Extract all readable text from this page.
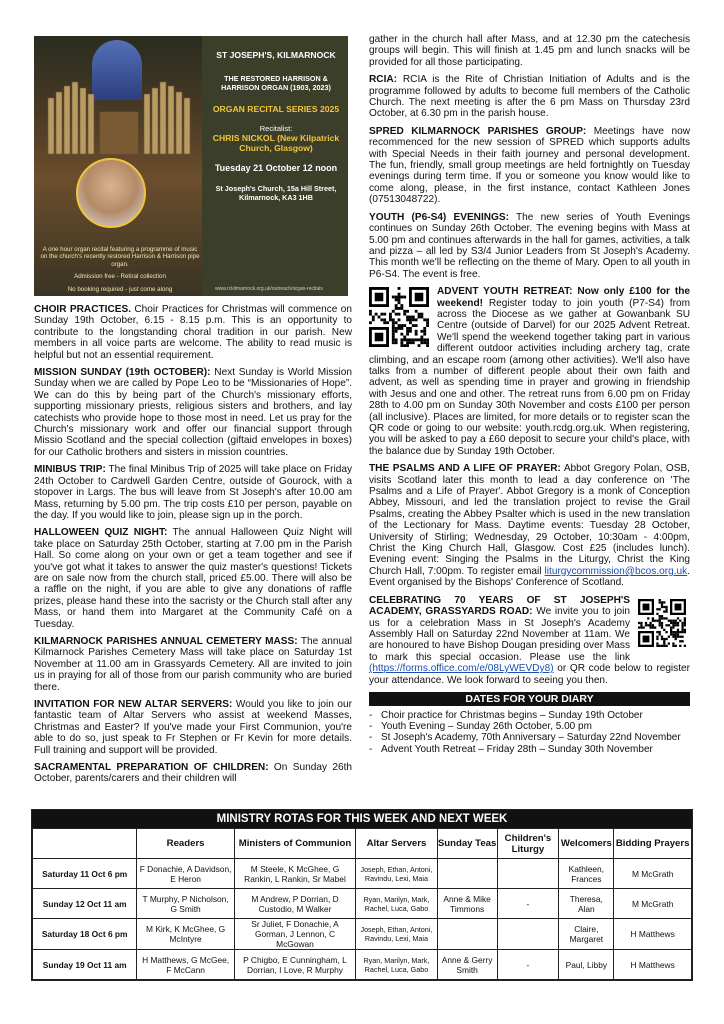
A one hour organ recital featuring a programme of music on the church's recently restored Harrison & Harrison pipe organ.
Admission free - Retiral collection
No booking required - just come along
ST JOSEPH'S, KILMARNOCK
THE RESTORED HARRISON & HARRISON ORGAN (1903, 2023)
ORGAN RECITAL SERIES 2025
Recitalist:
CHRIS NICKOL (New Kilpatrick Church, Glasgow)
Tuesday 21 October 12 noon
St Joseph's Church, 15a Hill Street, Kilmarnock, KA3 1HB
www.rckilmarnock.org.uk/outreach/organ-recitals
CHOIR PRACTICES. Choir Practices for Christmas will commence on Sunday 19th October, 6.15 - 8.15 p.m. This is an opportunity to contribute to the longstanding choral tradition in our parish. New members in all voice parts are welcome. The ability to read music is helpful but not an essential requirement.
MISSION SUNDAY (19th OCTOBER): Next Sunday is World Mission Sunday when we are called by Pope Leo to be “Missionaries of Hope”. We can do this by being part of the Church's missionary efforts, supporting missionary priests, religious sisters and brothers, and lay catechists who provide hope to those most in need. Let us pray for the Church's missionary work and offer our financial support through Missio Scotland and the special collection (giftaid envelopes in boxes) for our Catholic brothers and sisters in mission countries.
MINIBUS TRIP: The final Minibus Trip of 2025 will take place on Friday 24th October to Cardwell Garden Centre, outside of Gourock, with a stopover in Largs. The bus will leave from St Joseph's after 10.00 am Mass, returning by 5.00 pm. The trip costs £10 per person, payable on the day. If you would like to join, please sign up in the porch.
HALLOWEEN QUIZ NIGHT: The annual Halloween Quiz Night will take place on Saturday 25th October, starting at 7.00 pm in the Parish Hall. So come along on your own or get a team together and see if you've got what it takes to answer the quiz master's questions! Tickets are on sale now from the church stall, priced £5.00. There will also be a raffle on the night, if you are able to give any donations of raffle prizes, please hand these into the sacristy or the Church stall after any Mass, or hand them into Margaret at the Community Café on a Tuesday.
KILMARNOCK PARISHES ANNUAL CEMETERY MASS: The annual Kilmarnock Parishes Cemetery Mass will take place on Saturday 1st November at 11.00 am in Grassyards Cemetery. All are invited to join us in praying for all of those from our parish community who are buried there.
INVITATION FOR NEW ALTAR SERVERS: Would you like to join our fantastic team of Altar Servers who assist at weekend Masses, Christmas and Easter? If you've made your First Communion, you're able to do so, just speak to Fr Stephen or Fr Kevin for more details. Full training and support will be provided.
SACRAMENTAL PREPARATION OF CHILDREN: On Sunday 26th October, parents/carers and their children will
gather in the church hall after Mass, and at 12.30 pm the catechesis groups will begin. This will finish at 1.45 pm and lunch snacks will be provided for all those participating.
RCIA: RCIA is the Rite of Christian Initiation of Adults and is the programme followed by adults to become full members of the Catholic Church. The next meeting is after the 6 pm Mass on Thursday 23rd October, at 6.30 pm in the parish house.
SPRED KILMARNOCK PARISHES GROUP: Meetings have now recommenced for the new session of SPRED which supports adults with Special Needs in their faith journey and personal development. The fun, friendly, small group meetings are held fortnightly on Tuesday evenings during term time. If you or someone you know would like to come along, please, in the first instance, contact Kathleen Jones (07513048722).
YOUTH (P6-S4) EVENINGS: The new series of Youth Evenings continues on Sunday 26th October. The evening begins with Mass at 5.00 pm and continues afterwards in the hall for games, activities, a talk and pizza – all led by S3/4 Junior Leaders from St Joseph's Academy. This month we'll be reflecting on the theme of Mary. Open to all youth in P6-S4. The event is free.
ADVENT YOUTH RETREAT: Now only £100 for the weekend! Register today to join youth (P7-S4) from across the Diocese as we gather at Gowanbank SU Centre (outside of Darvel) for our 2025 Advent Retreat. We'll spend the weekend together taking part in various different outdoor activities including archery tag, crate climbing, and an escape room (among other activities). We'll also have talks from a number of different people about their own faith and advent, as well as spending time in prayer and growing in friendship with Jesus and one and other. The retreat runs from 6.00 pm on Friday 28th to 4.00 pm on Sunday 30th November and costs £100 per person (all inclusive). Places are limited, for more details or to register scan the QR code or going to our website: youth.rcdg.org.uk. When registering, you will be asked to pay a £60 deposit to secure your child's place, with the balance due by Sunday 19th October.
THE PSALMS AND A LIFE OF PRAYER: Abbot Gregory Polan, OSB, visits Scotland later this month to lead a day conference on 'The Psalms and a Life of Prayer'. Abbot Gregory is a monk of Conception Abbey, Missouri, and led the translation project to revise the Grail Psalms, creating the Abbey Psalter which is used in the new translation of the Lectionary for Mass. Daytime events: Tuesday 28 October, University of Stirling; Wednesday, 29 October, 10:30am - 4:00pm, Christ the King Church Hall, Glasgow. Cost £25 (includes lunch). Evening event: Singing the Psalms in the Liturgy, Christ the King Church Hall, 7:00pm. To register email liturgycommission@bcos.org.uk. Event organised by the Bishops' Conference of Scotland.
CELEBRATING 70 YEARS OF ST JOSEPH'S ACADEMY, GRASSYARDS ROAD: We invite you to join us for a celebration Mass in St Joseph's Academy Assembly Hall on Saturday 22nd November at 11am. We are honoured to have Bishop Dougan presiding over Mass to mark this special occasion. Please use the link (https://forms.office.com/e/08LyWEVDy8) or QR code below to register your attendance. We look forward to seeing you then.
DATES FOR YOUR DIARY
- Choir practice for Christmas begins – Sunday 19th October
- Youth Evening – Sunday 26th October, 5.00 pm
- St Joseph's Academy, 70th Anniversary – Saturday 22nd November
- Advent Youth Retreat – Friday 28th – Sunday 30th November
MINISTRY ROTAS FOR THIS WEEK AND NEXT WEEK
	Readers	Ministers of Communion	Altar Servers	Sunday Teas	Children's Liturgy	Welcomers	Bidding Prayers
Saturday 11 Oct 6 pm	F Donachie, A Davidson, E Heron	M Steele, K McGhee, G Rankin, L Rankin, Sr Mabel	Joseph, Ethan, Antoni, Ravindu, Lexi, Maia			Kathleen, Frances	M McGrath
Sunday 12 Oct 11 am	T Murphy, P Nicholson, G Smith	M Andrew, P Dorrian, D Custodio, M Walker	Ryan, Marilyn, Mark, Rachel, Luca, Gabo	Anne & Mike Timmons	-	Theresa, Alan	M McGrath
Saturday 18 Oct 6 pm	M Kirk, K McGhee, G McIntyre	Sr Juliet, F Donachie, A Gorman, J Lennon, C McGowan	Joseph, Ethan, Antoni, Ravindu, Lexi, Maia			Claire, Margaret	H Matthews
Sunday 19 Oct 11 am	H Matthews, G McGee, F McCann	P Chigbo, E Cunningham, L Dorrian, I Love, R Murphy	Ryan, Marilyn, Mark, Rachel, Luca, Gabo	Anne & Gerry Smith	-	Paul, Libby	H Matthews
